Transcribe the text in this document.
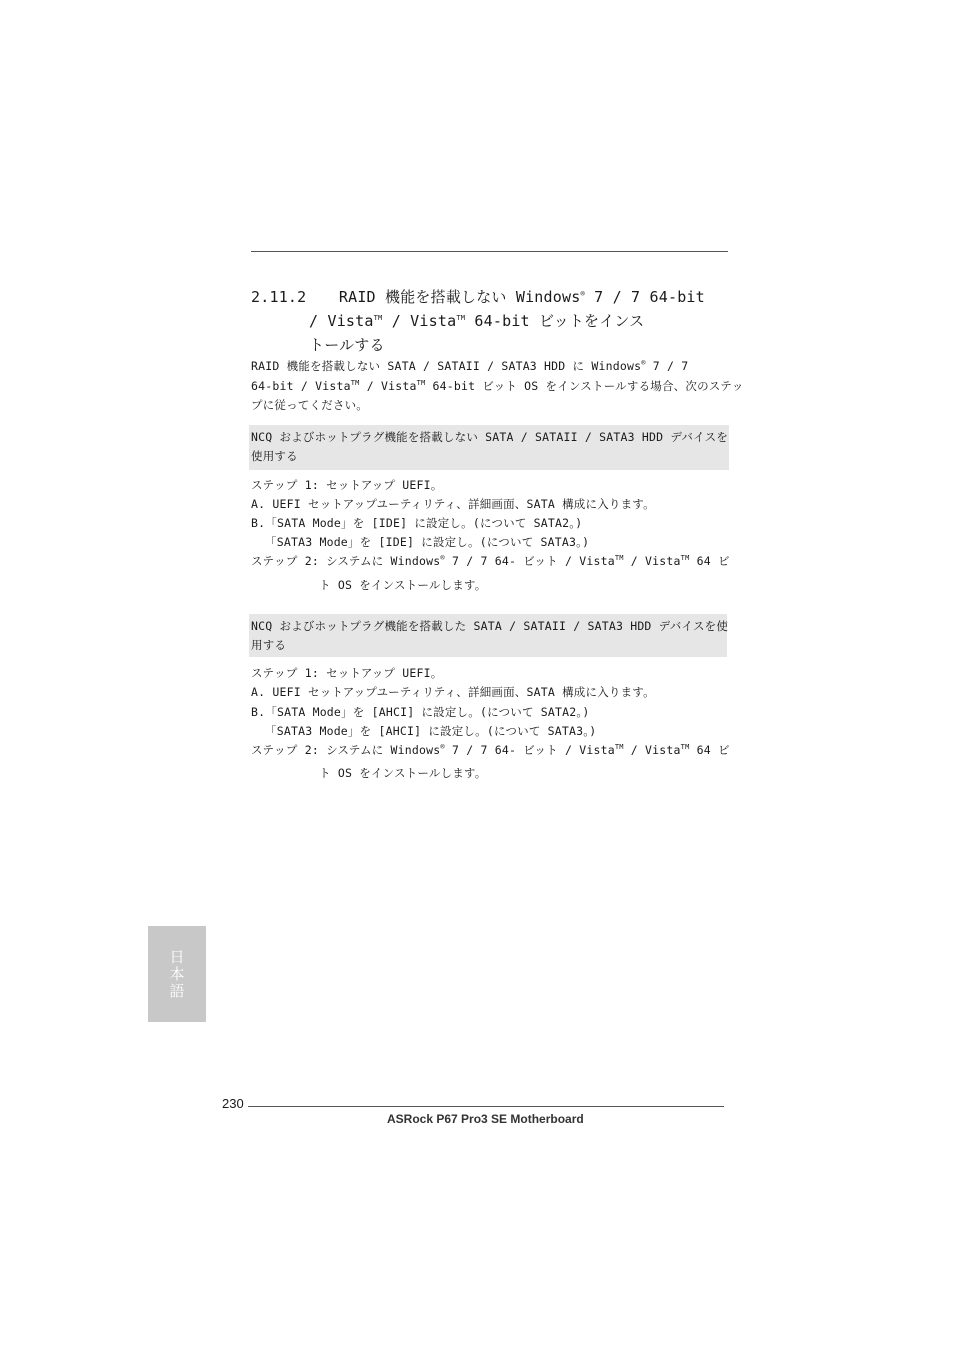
2.11.2 RAID 機能を搭載しない Windows® 7 / 7 64-bit
/ Vista™ / Vista™ 64-bit ビットをインス
トールする
RAID 機能を搭載しない SATA / SATAII / SATA3 HDD に Windows® 7 / 7
64-bit / Vista™ / Vista™ 64-bit ビット OS をインストールする場合、次のステッ
プに従ってください。
NCQ およびホットプラグ機能を搭載しない SATA / SATAII / SATA3 HDD デバイスを
使用する
ステップ 1: セットアップ UEFI。
A. UEFI セットアップユーティリティ、詳細画面、SATA 構成に入ります。
B.「SATA Mode」を [IDE] に設定し。(について SATA2。)
「SATA3 Mode」を [IDE] に設定し。(について SATA3。)
ステップ 2: システムに Windows® 7 / 7 64- ビット / Vista™ / Vista™ 64 ビ
ト OS をインストールします。
NCQ およびホットプラグ機能を搭載した SATA / SATAII / SATA3 HDD デバイスを使
用する
ステップ 1: セットアップ UEFI。
A. UEFI セットアップユーティリティ、詳細画面、SATA 構成に入ります。
B.「SATA Mode」を [AHCI] に設定し。(について SATA2。)
「SATA3 Mode」を [AHCI] に設定し。(について SATA3。)
ステップ 2: システムに Windows® 7 / 7 64- ビット / Vista™ / Vista™ 64 ビ
ト OS をインストールします。
日本語
230
ASRock P67 Pro3 SE Motherboard
